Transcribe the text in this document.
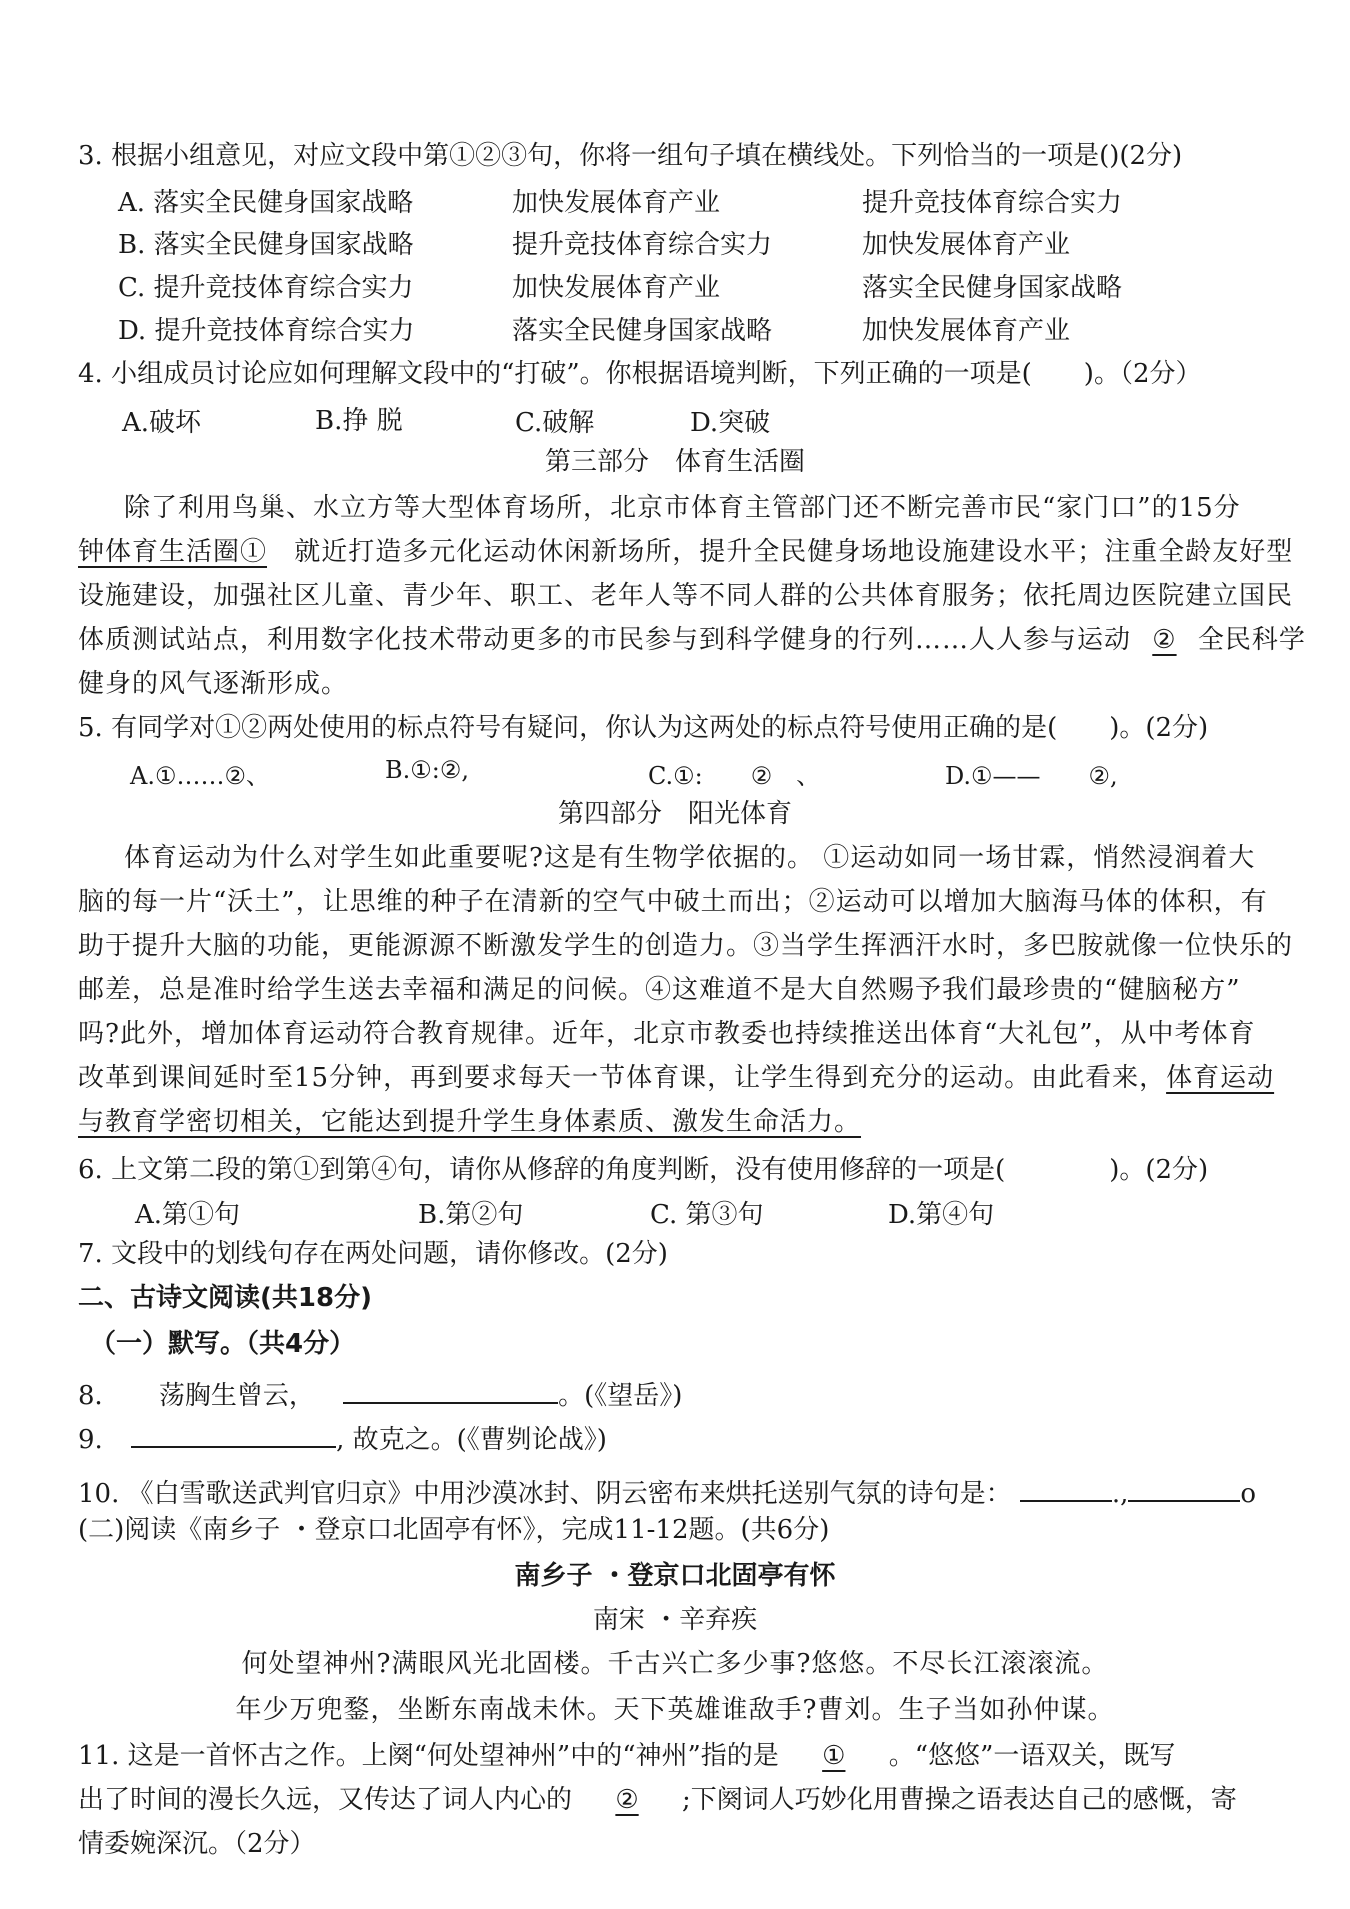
3. 根据小组意见，对应文段中第①②③句，你将一组句子填在横线处。下列恰当的一项是()(2分)
A. 落实全民健身国家战略	加快发展体育产业	提升竞技体育综合实力
B. 落实全民健身国家战略	提升竞技体育综合实力	加快发展体育产业
C. 提升竞技体育综合实力	加快发展体育产业	落实全民健身国家战略
D. 提升竞技体育综合实力	落实全民健身国家战略	加快发展体育产业
4. 小组成员讨论应如何理解文段中的“打破”。你根据语境判断，下列正确的一项是(　　)。（2分）
A.破坏	B.挣 脱	C.破解	D.突破
第三部分　体育生活圈
除了利用鸟巢、水立方等大型体育场所，北京市体育主管部门还不断完善市民“家门口”的15分
钟体育生活圈① 就近打造多元化运动休闲新场所，提升全民健身场地设施建设水平；注重全龄友好型
设施建设，加强社区儿童、青少年、职工、老年人等不同人群的公共体育服务；依托周边医院建立国民
体质测试站点，利用数字化技术带动更多的市民参与到科学健身的行列……人人参与运动 ② 全民科学
健身的风气逐渐形成。
5. 有同学对①②两处使用的标点符号有疑问，你认为这两处的标点符号使用正确的是(　　)。(2分)
A.①……②、	B.①:②,	C.①:　　②　、	D.①——　　②,
第四部分　阳光体育
体育运动为什么对学生如此重要呢?这是有生物学依据的。 ①运动如同一场甘霖，悄然浸润着大
脑的每一片“沃土”，让思维的种子在清新的空气中破土而出；②运动可以增加大脑海马体的体积，有
助于提升大脑的功能，更能源源不断激发学生的创造力。③当学生挥洒汗水时，多巴胺就像一位快乐的
邮差，总是准时给学生送去幸福和满足的问候。④这难道不是大自然赐予我们最珍贵的“健脑秘方”
吗?此外，增加体育运动符合教育规律。近年，北京市教委也持续推送出体育“大礼包”，从中考体育
改革到课间延时至15分钟，再到要求每天一节体育课，让学生得到充分的运动。由此看来，体育运动
与教育学密切相关，它能达到提升学生身体素质、激发生命活力。
6. 上文第二段的第①到第④句，请你从修辞的角度判断，没有使用修辞的一项是(　　　　)。(2分)
A.第①句	B.第②句	C. 第③句	D.第④句
7. 文段中的划线句存在两处问题，请你修改。(2分)
二、古诗文阅读(共18分)
（一）默写。（共4分）
8． 荡胸生曾云，	。(《望岳》)
9.	, 故克之。(《曹刿论战》)
10. 《白雪歌送武判官归京》中用沙漠冰封、阴云密布来烘托送别气氛的诗句是：	.,	o
(二)阅读《南乡子 ・登京口北固亭有怀》，完成11-12题。(共6分)
南乡子 ・登京口北固亭有怀
南宋 ・辛弃疾
何处望神州?满眼风光北固楼。千古兴亡多少事?悠悠。不尽长江滚滚流。
年少万兜鍪，坐断东南战未休。天下英雄谁敌手?曹刘。生子当如孙仲谋。
11. 这是一首怀古之作。上阕“何处望神州”中的“神州”指的是 ① 。“悠悠”一语双关，既写
出了时间的漫长久远，又传达了词人内心的 ② ;下阕词人巧妙化用曹操之语表达自己的感慨，寄
情委婉深沉。（2分）
